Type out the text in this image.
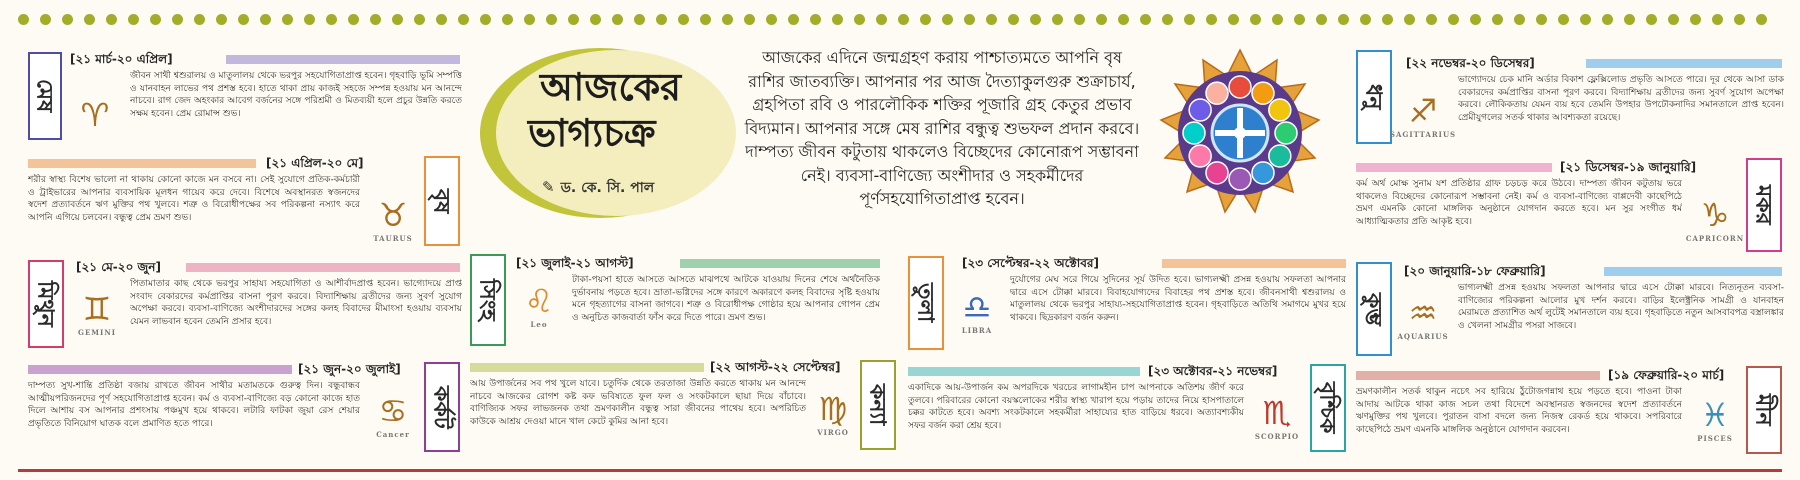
মেষ ♈
[২১ মার্চ-২০ এপ্রিল]
জীবন সাথী শ্বশুরালয় ও মাতুলালয় থেকে ভরপুর সহযোগিতাপ্রাপ্ত হবেন। গৃহবাড়ি ভূমি সম্পত্তি ও যানবাহন লাভের পথ প্রশস্ত হবে। হাতে থাকা প্রায় কাজই সহজে সম্পন্ন হওয়ায় মন আনন্দে নাচবে। রাগ জেদ অহংকার আবেগ বর্জনের সঙ্গে পরিশ্রমী ও মিতব্যয়ী হলে প্রচুর উন্নতি করতে সক্ষম হবেন। প্রেম রোমান্স শুভ।
[২১ এপ্রিল-২০ মে]
শরীর স্বাস্থ্য বিশেষ ভালো না থাকায় কোনো কাজে মন বসবে না। সেই সুযোগে প্রতিক-কর্মচারী ও ট্রাইভারের আপনার ব্যবসায়িক মূলধন গায়েব করে দেবে। বিশেষে অবস্থানরত স্বজনদের স্বদেশ প্রত্যাবর্তনে ঋণ মুক্তির পথ খুলবে। শত্রু ও বিরোধীপক্ষের সব পরিকল্পনা নস্যাৎ করে আপনি এগিয়ে চলবেন। বন্ধুত্ব প্রেম ভ্রমণ শুভ।	♉
TAURUS
বৃষ
মিথুন ♊
GEMINI
[২১ মে-২০ জুন]
পিতামাতার কাছ থেকে ভরপুর সাহায্য সহযোগিতা ও আশীর্বাদপ্রাপ্ত হবেন। ভাগ্যোদয়ে প্রাপ্ত সংবাদ বেকারদের কর্মপ্রাপ্তির বাসনা পূরণ করবে। বিদ্যাশিক্ষায় ব্রতীদের জন্য সুবর্ণ সুযোগ অপেক্ষা করবে। ব্যবসা-বাণিজ্যে অংশীদারদের সঙ্গের কলহ বিবাদের মীমাংসা হওয়ায় ব্যবসায় যেমন লাভবান হবেন তেমনি প্রসার হবে।
[২১ জুন-২০ জুলাই]
দাম্পত্য সুখ-শান্তি প্রতিষ্ঠা বজায় রাখতে জীবন সাথীর মতামতকে গুরুত্ব দিন। বন্ধুবান্ধব আত্মীয়পরিজনদের পূর্ণ সহযোগিতাপ্রাপ্ত হবেন। কর্ম ও ব্যবসা-বাণিজ্যে বড় কোনো কাজে হাত দিলে আশায় বস আপনার প্রশংসায় পঞ্চমুখ হয়ে থাকবে। লটারি ফাটকা জুয়া রেস শেয়ার প্রভৃতিতে বিনিয়োগ ঘাতক বলে প্রমাণিত হতে পারে।	♋
Cancer
কর্কট
আজকের
ভাগ্যচক্র
✎ ড. কে. সি. পাল
আজকের এদিনে জন্মগ্রহণ করায় পাশ্চাত্যমতে আপনি বৃষ রাশির জাতব্যক্তি। আপনার পর আজ দৈত্যাকুলগুরু শুক্রাচার্য, গ্রহপিতা রবি ও পারলৌকিক শক্তির পূজারি গ্রহ কেতুর প্রভাব বিদ্যমান। আপনার সঙ্গে মেষ রাশির বন্ধুত্ব শুভফল প্রদান করবে। দাম্পত্য জীবন কটুতায় থাকলেও বিচ্ছেদের কোনোরূপ সম্ভাবনা নেই। ব্যবসা-বাণিজ্যে অংশীদার ও সহকর্মীদের পূর্ণসহযোগিতাপ্রাপ্ত হবেন।
সিংহ ♌
Leo
[২১ জুলাই-২১ আগস্ট]
টাকা-পয়সা হাতে আসতে আসতে মাঝপথে আটকে যাওয়ায় দিনের শেষে অর্থনৈতিক দুর্ভাবনায় পড়তে হবে। ভ্রাতা-ভগ্নিদের সঙ্গে কারণে অকারণে কলহ বিবাদের সৃষ্টি হওয়ায় মনে গৃহত্যাগের বাসনা জাগবে। শত্রু ও বিরোধীপক্ষ গোষ্ঠার হয়ে আপনার গোপন প্রেম ও অনুচিত কাজবার্তা ফাঁস করে দিতে পারে। ভ্রমণ শুভ।
[২২ আগস্ট-২২ সেপ্টেম্বর]
আয় উপার্জনের সব পথ খুলে যাবে। চতুর্দিক থেকে তরতাজা উন্নতি করতে থাকায় মন আনন্দে নাচবে আজকের রোগশ কষ্ট কফ ভবিষ্যতে ফুল ফল ও সংকটকালে ছায়া দিয়ে বাঁচাবে। বাণিজ্যিক সফর লাভজনক তথা ভ্রমণকালীন বন্ধুত্ব সারা জীবনের পাথেয় হবে। অপরিচিত কাউকে আশ্রয় দেওয়া মানে খাল কেটে কুমির আনা হবে।	♍
VIRGO
কন্যা
তুলা ♎
LIBRA
[২৩ সেপ্টেম্বর-২২ অক্টোবর]
দুর্যোগের মেঘ সরে গিয়ে সুদিনের সূর্য উদিত হবে। ভাগ্যলক্ষ্মী প্রসন্ন হওয়ায় সফলতা আপনার দ্বারে এসে টোক্কা মারবে। বিবাহযোগ্যদের বিবাহের পথ প্রশস্ত হবে। জীবনসাথী শ্বশুরালয় ও মাতুলালয় থেকে ভরপুর সাহায্য-সহযোগিতাপ্রাপ্ত হবেন। গৃহবাড়িতে অতিথি সমাগমে মুখর হয়ে থাকবে। ছিদ্রকারণ বর্জন করুন।
[২৩ অক্টোবর-২১ নভেম্বর]
একাদিকে আয়-উপার্জন কম অপরদিকে খরচের লাগামহীন চাপ আপনাকে অতিশয় জীর্ণ করে তুলবে। পরিবারের কোনো বয়স্কলোকের শরীর স্বাস্থ্য খারাপ হয়ে পড়ায় তাদের নিয়ে হাসপাতালে চক্কর কাটতে হবে। অবশ্য সংকটকালে সহকর্মীরা সাহায্যের হাত বাড়িয়ে ধরবে। অত্যাবশ্যকীয় সফর বর্জন করা শ্রেয় হবে।	♏
SCORPIO
বৃশ্চিক
ধনু ♐
SAGITTARIUS
[২২ নভেম্বর-২০ ডিসেম্বর]
ভাগ্যোদয়ে চেক মানি অর্ডার বিকাশ ফ্লেক্সিলোড প্রভৃতি আসতে পারে। দূর থেকে আসা ডাক বেকারদের কর্মপ্রাপ্তির বাসনা পূরণ করবে। বিদ্যাশিক্ষায় ব্রতীদের জন্য সুবর্ণ সুযোগ অপেক্ষা করবে। লৌকিকতায় যেমন ব্যয় হবে তেমনি উপহার উপঢৌকনাদির সমানতালে প্রাপ্ত হবেন। প্রেমীযুগলের সতর্ক থাকার আবশ্যকতা রয়েছে।
[২১ ডিসেম্বর-১৯ জানুয়ারি]
কর্ম অর্থ মোক্ষ সুনাম যশ প্রতিষ্ঠার গ্রাফ চড়চড় করে উঠবে। দাম্পত্য জীবন কটুতায় ভরে থাকলেও বিচ্ছেদের কোনোরূপ সম্ভাবনা নেই। কর্ম ও ব্যবসা-বাণিজ্যে বাপ্পদেবী কাছেপিঠে ভ্রমণ এমনকি কোনো মাঙ্গলিক অনুষ্ঠানে যোগদান করতে হবে। মন সুর সংগীত ধর্ম আধ্যাত্মিকতার প্রতি আকৃষ্ট হবে।	♑
CAPRICORN
মকর
কুম্ভ ♒
AQUARIUS
[২০ জানুয়ারি-১৮ ফেব্রুয়ারি]
ভাগ্যলক্ষ্মী প্রসন্ন হওয়ায় সফলতা আপনার দ্বারে এসে টোক্কা মারবে। নিত্যনূতন ব্যবসা-বাণিজ্যের পরিকল্পনা আলোর মুখ দর্শন করবে। বাড়ির ইলেক্ট্রনিক সামগ্রী ও যানবাহন মেরামতে প্রত্যাশিত অর্থ লুটেই সমানতালে ব্যয় হবে। গৃহবাড়িতে নতুন আসবাবপত্র বস্ত্রালঙ্কার ও খেলনা সামগ্রীর পসরা সাজবে।
[১৯ ফেব্রুয়ারি-২০ মার্চ]
ভ্রমণকালীন সতর্ক থাকুন নচেৎ সব হারিয়ে ঠুঁটোজগন্নাথ হয়ে পড়তে হবে। পাওনা টাকা আদায় আটকে থাকা কাজ সচল তথা বিদেশে অবস্থানরত স্বজনদের স্বদেশ প্রত্যাবর্তনে ঋণমুক্তির পথ খুলবে। পুরাতন বাসা বদলে জন্য নিজস্ব রেকর্ড হয়ে থাকবে। সপরিবারে কাছেপিঠে ভ্রমণ এমনকি মাঙ্গলিক অনুষ্ঠানে যোগদান করবেন।	♓
PISCES
মীন
